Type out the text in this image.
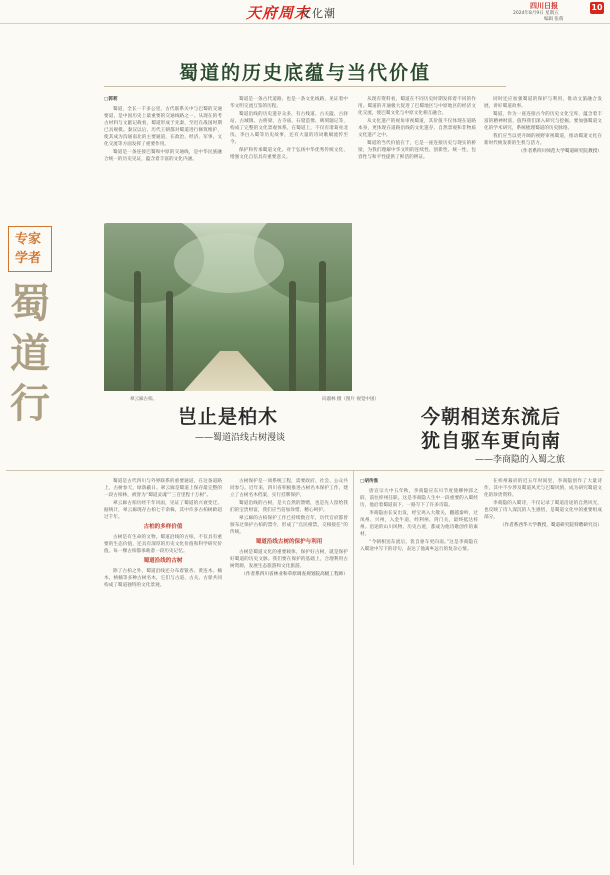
天府周末
文化潮
四川日报
2024年8月9日 星期五
编辑 张萌
10
蜀道的历史底蕴与当代价值

□郭莉

蜀道，全长一千多公里，古代联系关中与巴蜀的交通要道，是中国历史上最重要的交通线路之一。从现在的考古材料与文献记载看，蜀道形成于先秦，至迟在战国时期已具规模。秦汉以后，历代王朝都对蜀道进行修筑维护，使其成为沟通南北的主要通道，在政治、经济、军事、文化交流等方面发挥了重要作用。

蜀道是一条连接巴蜀和中原的交通线，是中华民族融合统一的历史见证，蕴含着丰富的文化内涵。

蜀道是一条古代道路，也是一条文化线路，见证着中华文明交流互鉴的历程。

蜀道沿线的历史遗存众多，有古栈道、古关隘、古驿站、古城镇、古桥梁、古寺庙、石窟造像、碑刻题记等，构成了完整的文化景观体系。在蜀道上，不仅有诸葛亮北伐、李白入蜀等历史故事，还有大量的诗词歌赋流传至今。

保护和传承蜀道文化，对于弘扬中华优秀传统文化、增强文化自信具有重要意义。

从现有资料看，蜀道在不同历史时期发挥着不同的作用。蜀道的开通极大促进了巴蜀地区与中原地区的经济文化交流，使巴蜀文化与中原文化相互融合。

从文化遗产的视角审视蜀道，其价值不仅体现在道路本身，更体现在道路沿线的文化遗存、自然景观和非物质文化遗产之中。

蜀道的当代价值在于，它是一座连接历史与现实的桥梁，为我们理解中华文明的连续性、创新性、统一性、包容性与和平性提供了鲜活的例证。

同时还应加强蜀道的保护与利用，推动文旅融合发展，讲好蜀道故事。

蜀道，作为一座连接古今的历史文化宝库，蕴含着丰富的精神财富，值得我们深入研究与挖掘。要加强蜀道文化的学术研究，系统梳理蜀道的历史脉络。

我们应当以更开阔的视野审视蜀道，推动蜀道文化在新时代焕发新的生机与活力。

（作者系四川师范大学蜀道研究院教授）

专家
学者
蜀
道
行	翠云廊古柏。	向淑林 摄（图片 视觉中国）
岂止是柏木
——蜀道沿线古树漫谈
今朝相送东流后
犹自驱车更向南
——李商隐的入蜀之旅

蜀道是古代四川与外界联系的重要通道，在这条道路上，古树参天，绿荫蔽日。翠云廊是蜀道上保存最完整的一段古柏林，被誉为“蜀道灵魂”“三百里程十万树”。

翠云廊古柏历经千年风雨，见证了蜀道的兴衰变迁。据统计，翠云廊现存古柏七千余株，其中许多古柏树龄超过千年。

古柏的多样价值

古树是有生命的文物。蜀道沿线的古柏，不仅具有重要的生态价值，还具有深厚的历史文化价值和科学研究价值。每一棵古柏都承载着一段历史记忆。

蜀道沿线的古树

除了古柏之外，蜀道沿线还分布着银杏、黄连木、楠木、桢楠等多种古树名木，它们与古道、古关、古驿共同构成了蜀道独特的文化景观。

古树保护是一项系统工程，需要政府、社会、公众共同参与。近年来，四川省积极推进古树名木保护工作，建立了古树名木档案，实行挂牌保护。

蜀道沿线的古树，是大自然的馈赠，也是先人留给我们的宝贵财富，我们应当倍加珍惜、精心呵护。

翠云廊的古柏保护工作已持续数百年，历代官府都曾颁布过保护古柏的禁令，形成了“官民相禁，交相接任”的传统。

蜀道沿线古树的保护与利用

古树是蜀道文化的重要载体，保护好古树，就是保护好蜀道的历史文脉。我们要在保护的基础上，合理利用古树资源，发展生态旅游和文化旅游。

（作者系四川省林业和草原调查规划院高级工程师）

□胡传淮

唐宣宗大中五年秋，李商隐应东川节度使柳仲郢之辟，前往梓州任职。这是李商隐人生中一段重要的入蜀经历，他沿着蜀道南下，一路写下了许多诗篇。

李商隐由长安出发，经宝鸡入大散关，翻越秦岭，过凤州、兴州，入金牛道，经利州、剑门关，最终抵达梓州。沿途的山川风物、历史古迹，都成为他诗歌创作的素材。

“今朝相送东流后，犹自驱车更向南。”这是李商隐在入蜀途中写下的诗句，表达了他离乡远行的复杂心情。

在梓州幕府的近五年时间里，李商隐创作了大量诗作，其中不少涉及蜀道风光与巴蜀风情，成为研究蜀道文化的珍贵资料。

李商隐的入蜀诗，不仅记录了蜀道沿途的自然风光，也反映了诗人深沉的人生感悟，是蜀道文化中的重要组成部分。

（作者系西华大学教授，蜀道研究院特聘研究员）
